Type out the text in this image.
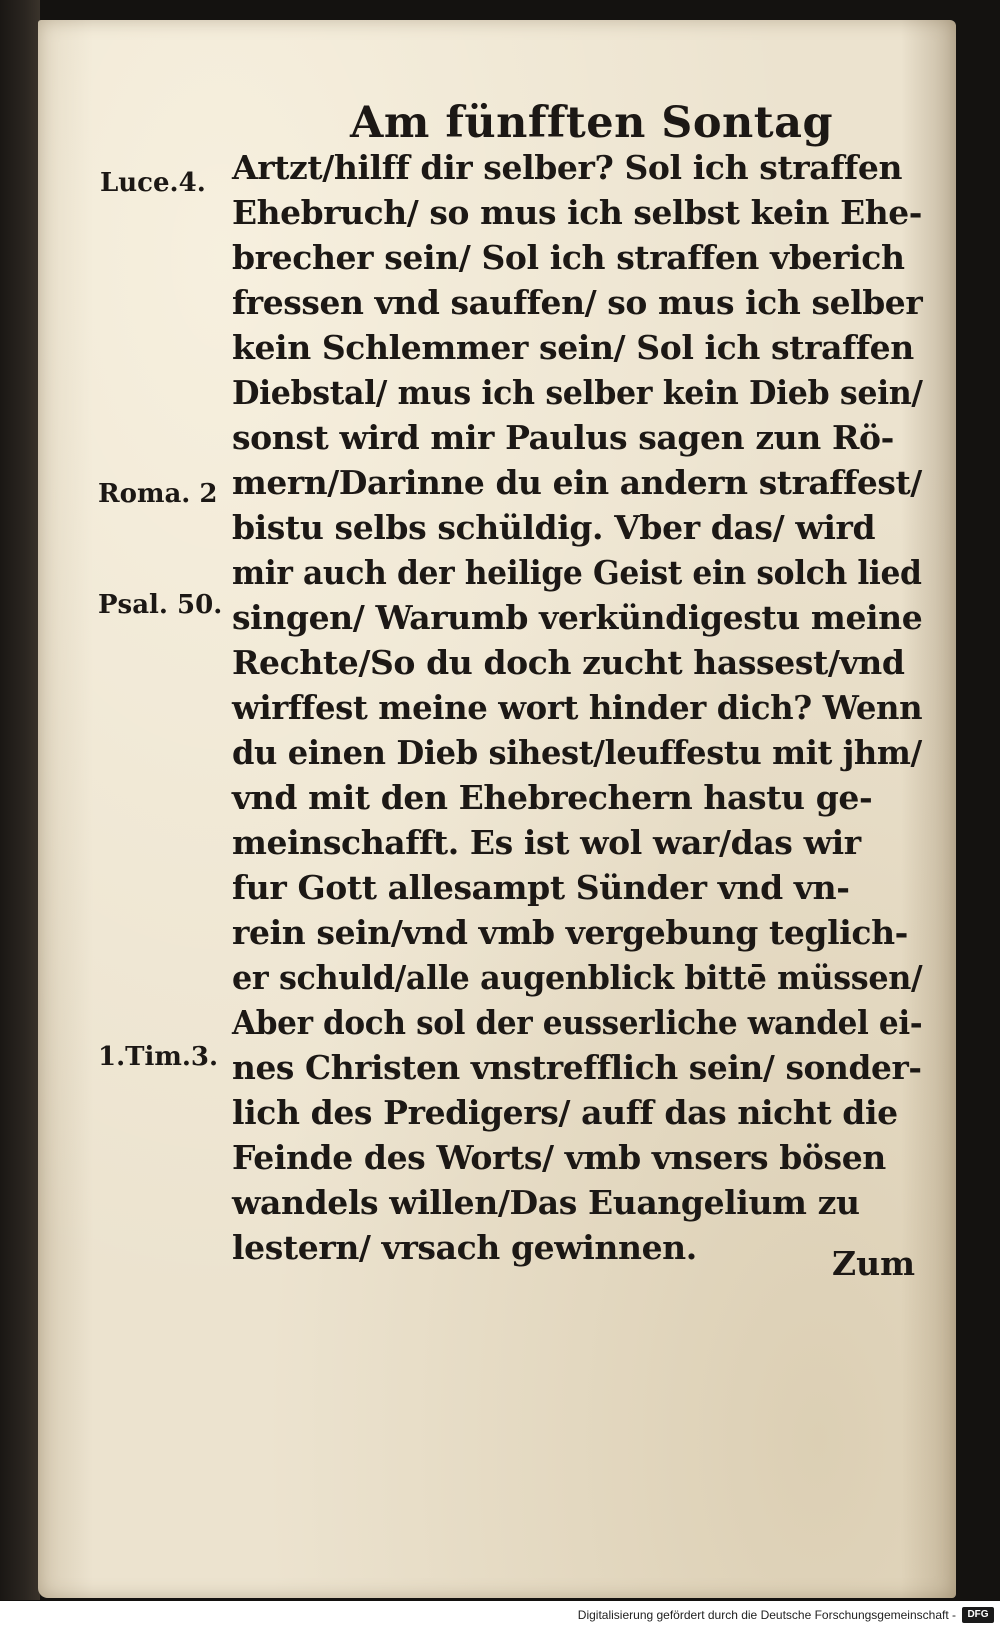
Am fünfften Sontag
Luce.4.
Roma. 2
Psal. 50.
1.Tim.3.
Artzt/hilff dir selber? Sol ich straffen
Ehebruch/ so mus ich selbst kein Ehe-
brecher sein/ Sol ich straffen vberich
fressen vnd sauffen/ so mus ich selber
kein Schlemmer sein/ Sol ich straffen
Diebstal/ mus ich selber kein Dieb sein/
sonst wird mir Paulus sagen zun Rö-
mern/Darinne du ein andern straffest/
bistu selbs schüldig. Vber das/ wird
mir auch der heilige Geist ein solch lied
singen/ Warumb verkündigestu meine
Rechte/So du doch zucht hassest/vnd
wirffest meine wort hinder dich? Wenn
du einen Dieb sihest/leuffestu mit jhm/
vnd mit den Ehebrechern hastu ge-
meinschafft. Es ist wol war/das wir
fur Gott allesampt Sünder vnd vn-
rein sein/vnd vmb vergebung teglich-
er schuld/alle augenblick bittē müssen/
Aber doch sol der eusserliche wandel ei-
nes Christen vnstrefflich sein/ sonder-
lich des Predigers/ auff das nicht die
Feinde des Worts/ vmb vnsers bösen
wandels willen/Das Euangelium zu
lestern/ vrsach gewinnen.	Zum
Digitalisierung gefördert durch die Deutsche Forschungsgemeinschaft -	DFG
